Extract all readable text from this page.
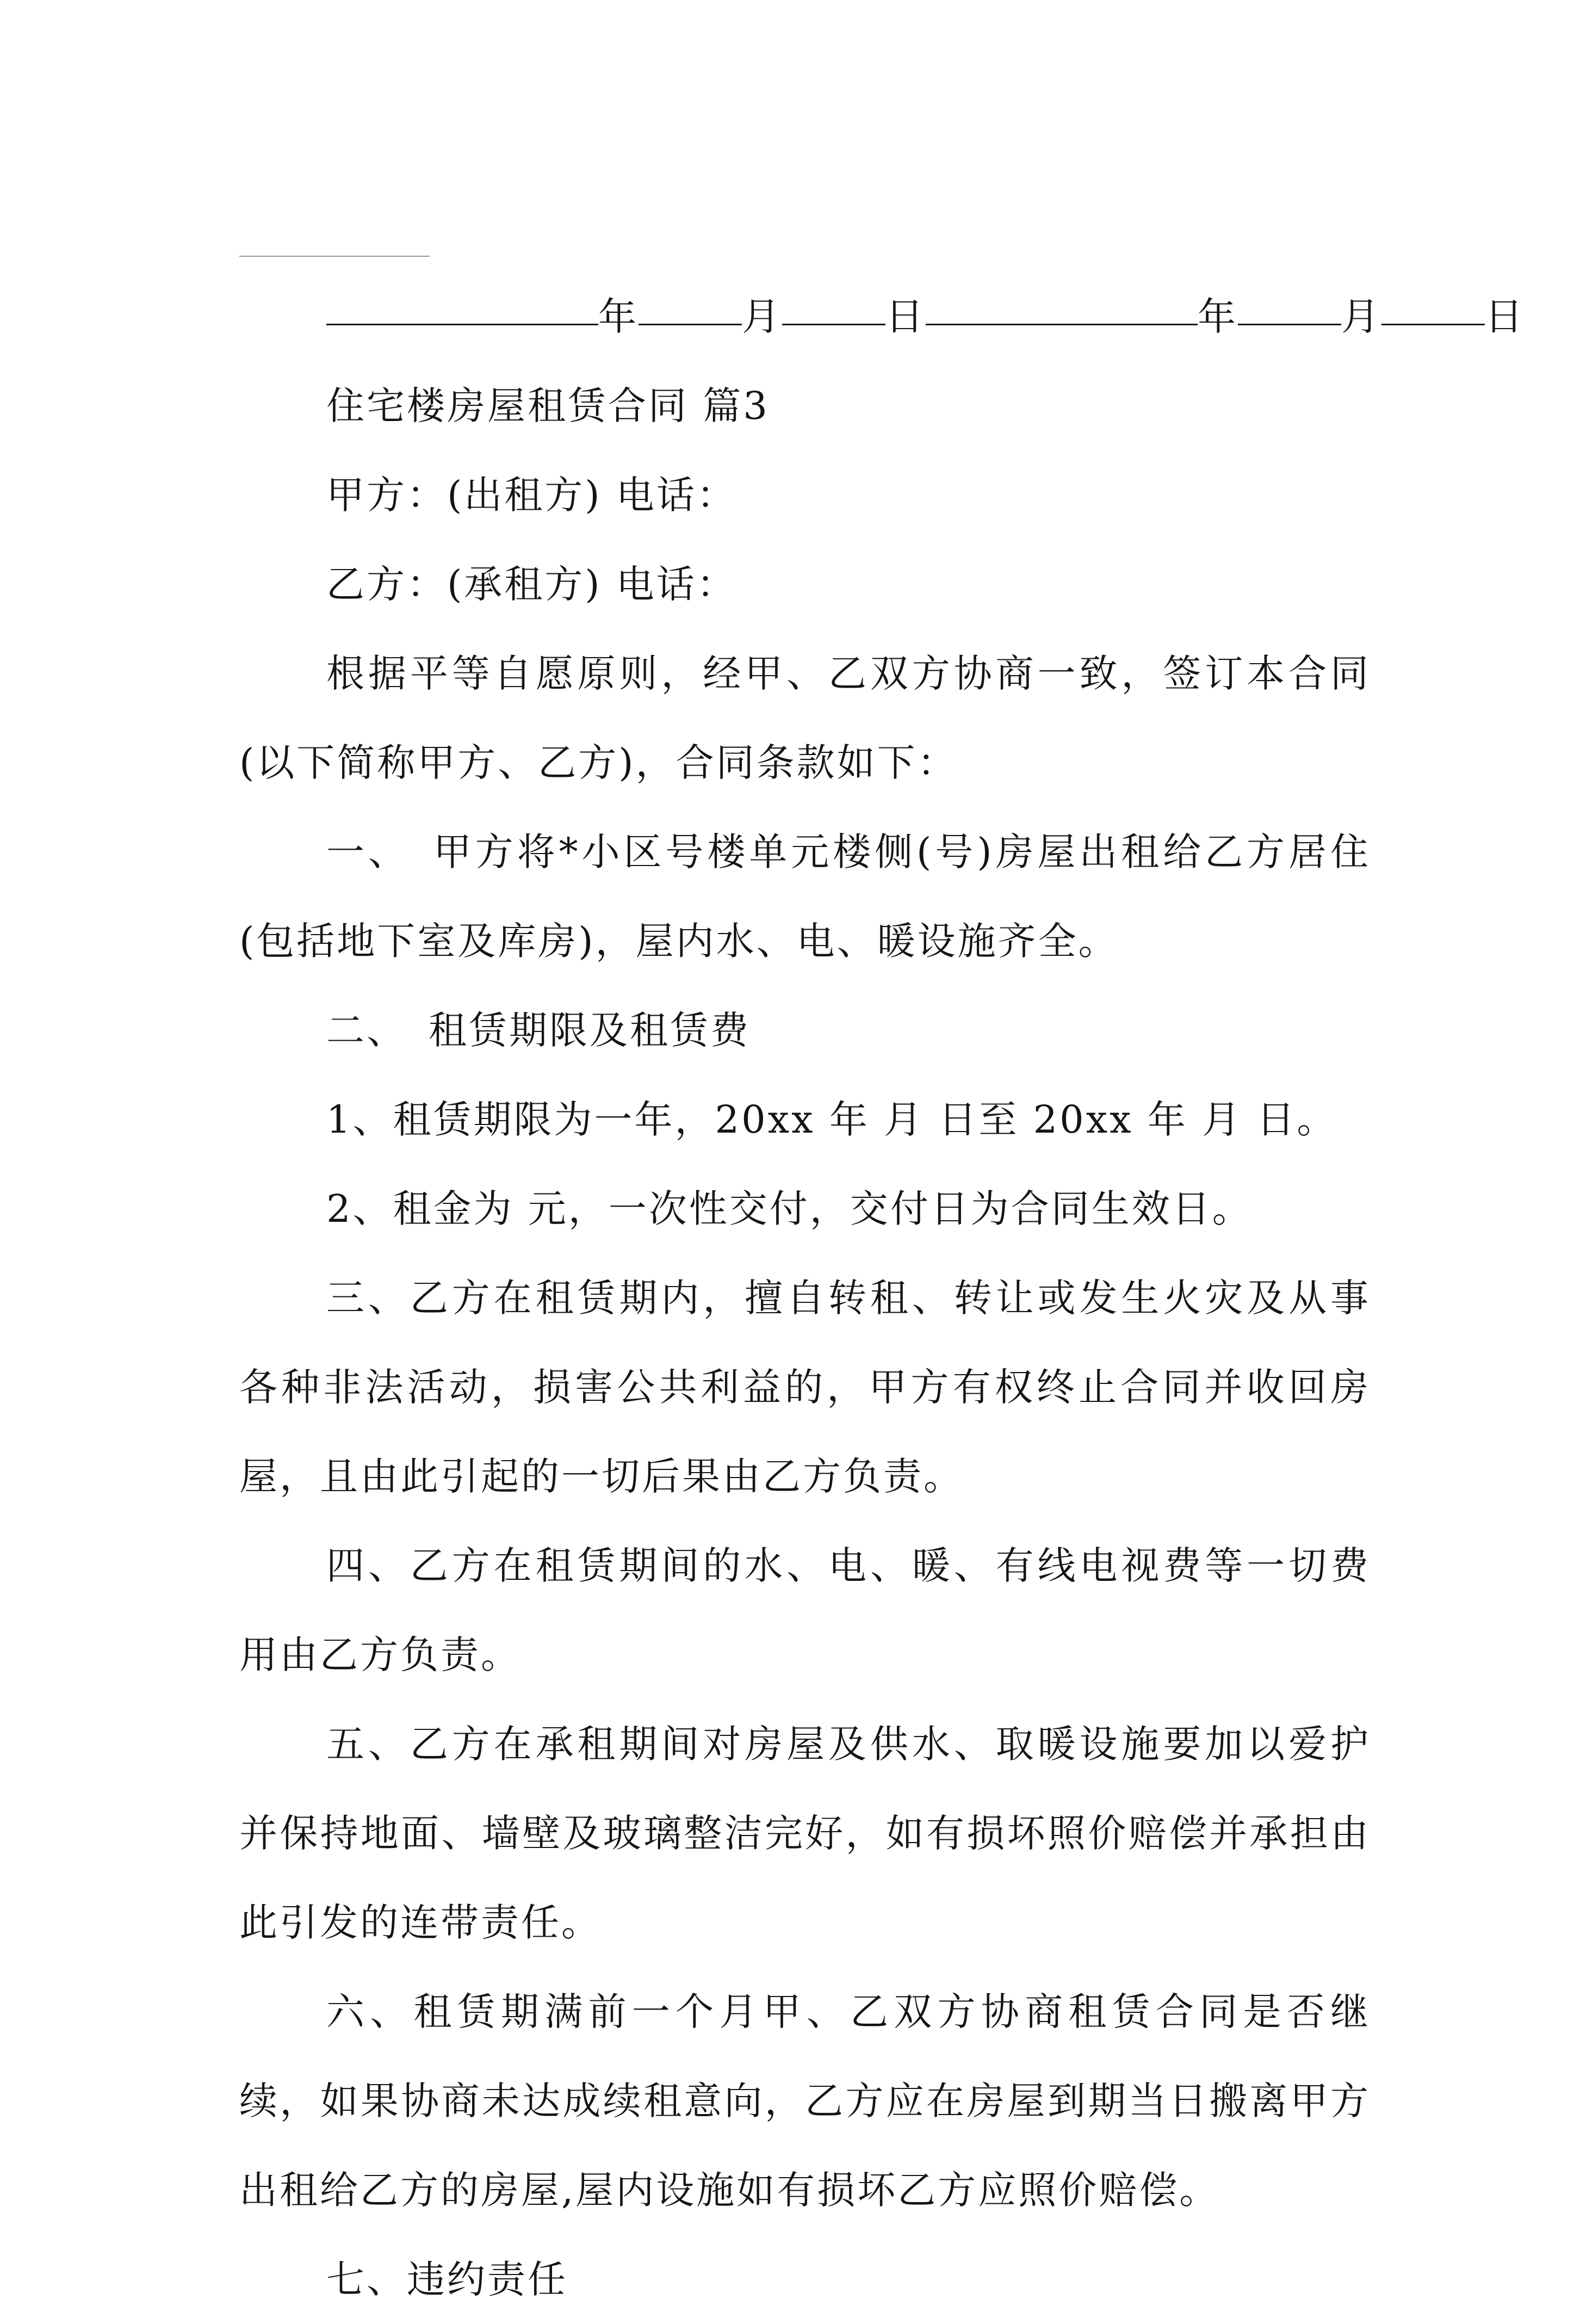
年	月	日	年	月	日

住宅楼房屋租赁合同 篇3

甲方：(出租方) 电话：

乙方：(承租方) 电话：

根据平等自愿原则，经甲、乙双方协商一致，签订本合同(以下简称甲方、乙方)，合同条款如下：

一、 甲方将*小区号楼单元楼侧(号)房屋出租给乙方居住(包括地下室及库房)，屋内水、电、暖设施齐全。

二、 租赁期限及租赁费

1、租赁期限为一年，20xx 年 月 日至 20xx 年 月 日。

2、租金为 元，一次性交付，交付日为合同生效日。

三、乙方在租赁期内，擅自转租、转让或发生火灾及从事各种非法活动，损害公共利益的，甲方有权终止合同并收回房屋，且由此引起的一切后果由乙方负责。

四、乙方在租赁期间的水、电、暖、有线电视费等一切费用由乙方负责。

五、乙方在承租期间对房屋及供水、取暖设施要加以爱护并保持地面、墙壁及玻璃整洁完好，如有损坏照价赔偿并承担由此引发的连带责任。

六、租赁期满前一个月甲、乙双方协商租赁合同是否继续，如果协商未达成续租意向，乙方应在房屋到期当日搬离甲方出租给乙方的房屋,屋内设施如有损坏乙方应照价赔偿。

七、违约责任
